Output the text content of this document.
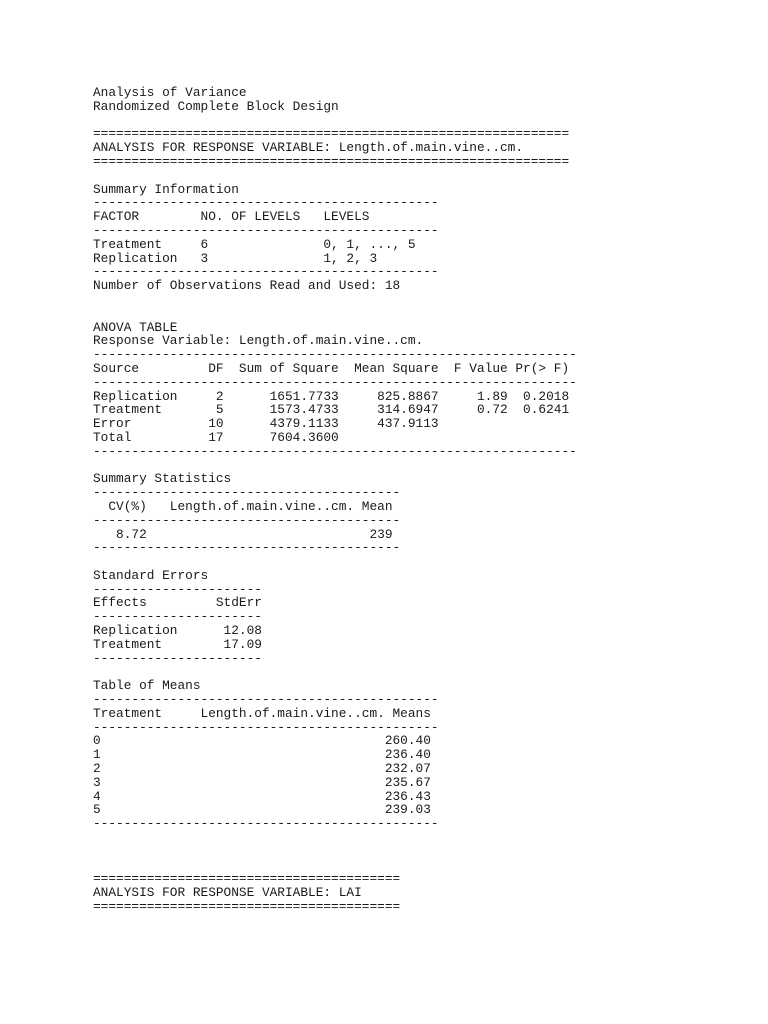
Analysis of Variance
Randomized Complete Block Design
==============================================================
ANALYSIS FOR RESPONSE VARIABLE: Length.of.main.vine..cm.
==============================================================
Summary Information
---------------------------------------------
FACTOR        NO. OF LEVELS   LEVELS
---------------------------------------------
Treatment     6               0, 1, ..., 5
Replication   3               1, 2, 3
---------------------------------------------
Number of Observations Read and Used: 18
ANOVA TABLE
Response Variable: Length.of.main.vine..cm.
---------------------------------------------------------------
Source         DF  Sum of Square  Mean Square  F Value Pr(> F)
---------------------------------------------------------------
Replication     2      1651.7733     825.8867     1.89  0.2018
Treatment       5      1573.4733     314.6947     0.72  0.6241
Error          10      4379.1133     437.9113
Total          17      7604.3600
---------------------------------------------------------------
Summary Statistics
----------------------------------------
CV(%)   Length.of.main.vine..cm. Mean
----------------------------------------
8.72                             239
----------------------------------------
Standard Errors
----------------------
Effects         StdErr
----------------------
Replication      12.08
Treatment        17.09
----------------------
Table of Means
---------------------------------------------
Treatment     Length.of.main.vine..cm. Means
---------------------------------------------
0                                     260.40
1                                     236.40
2                                     232.07
3                                     235.67
4                                     236.43
5                                     239.03
---------------------------------------------
========================================
ANALYSIS FOR RESPONSE VARIABLE: LAI
========================================
